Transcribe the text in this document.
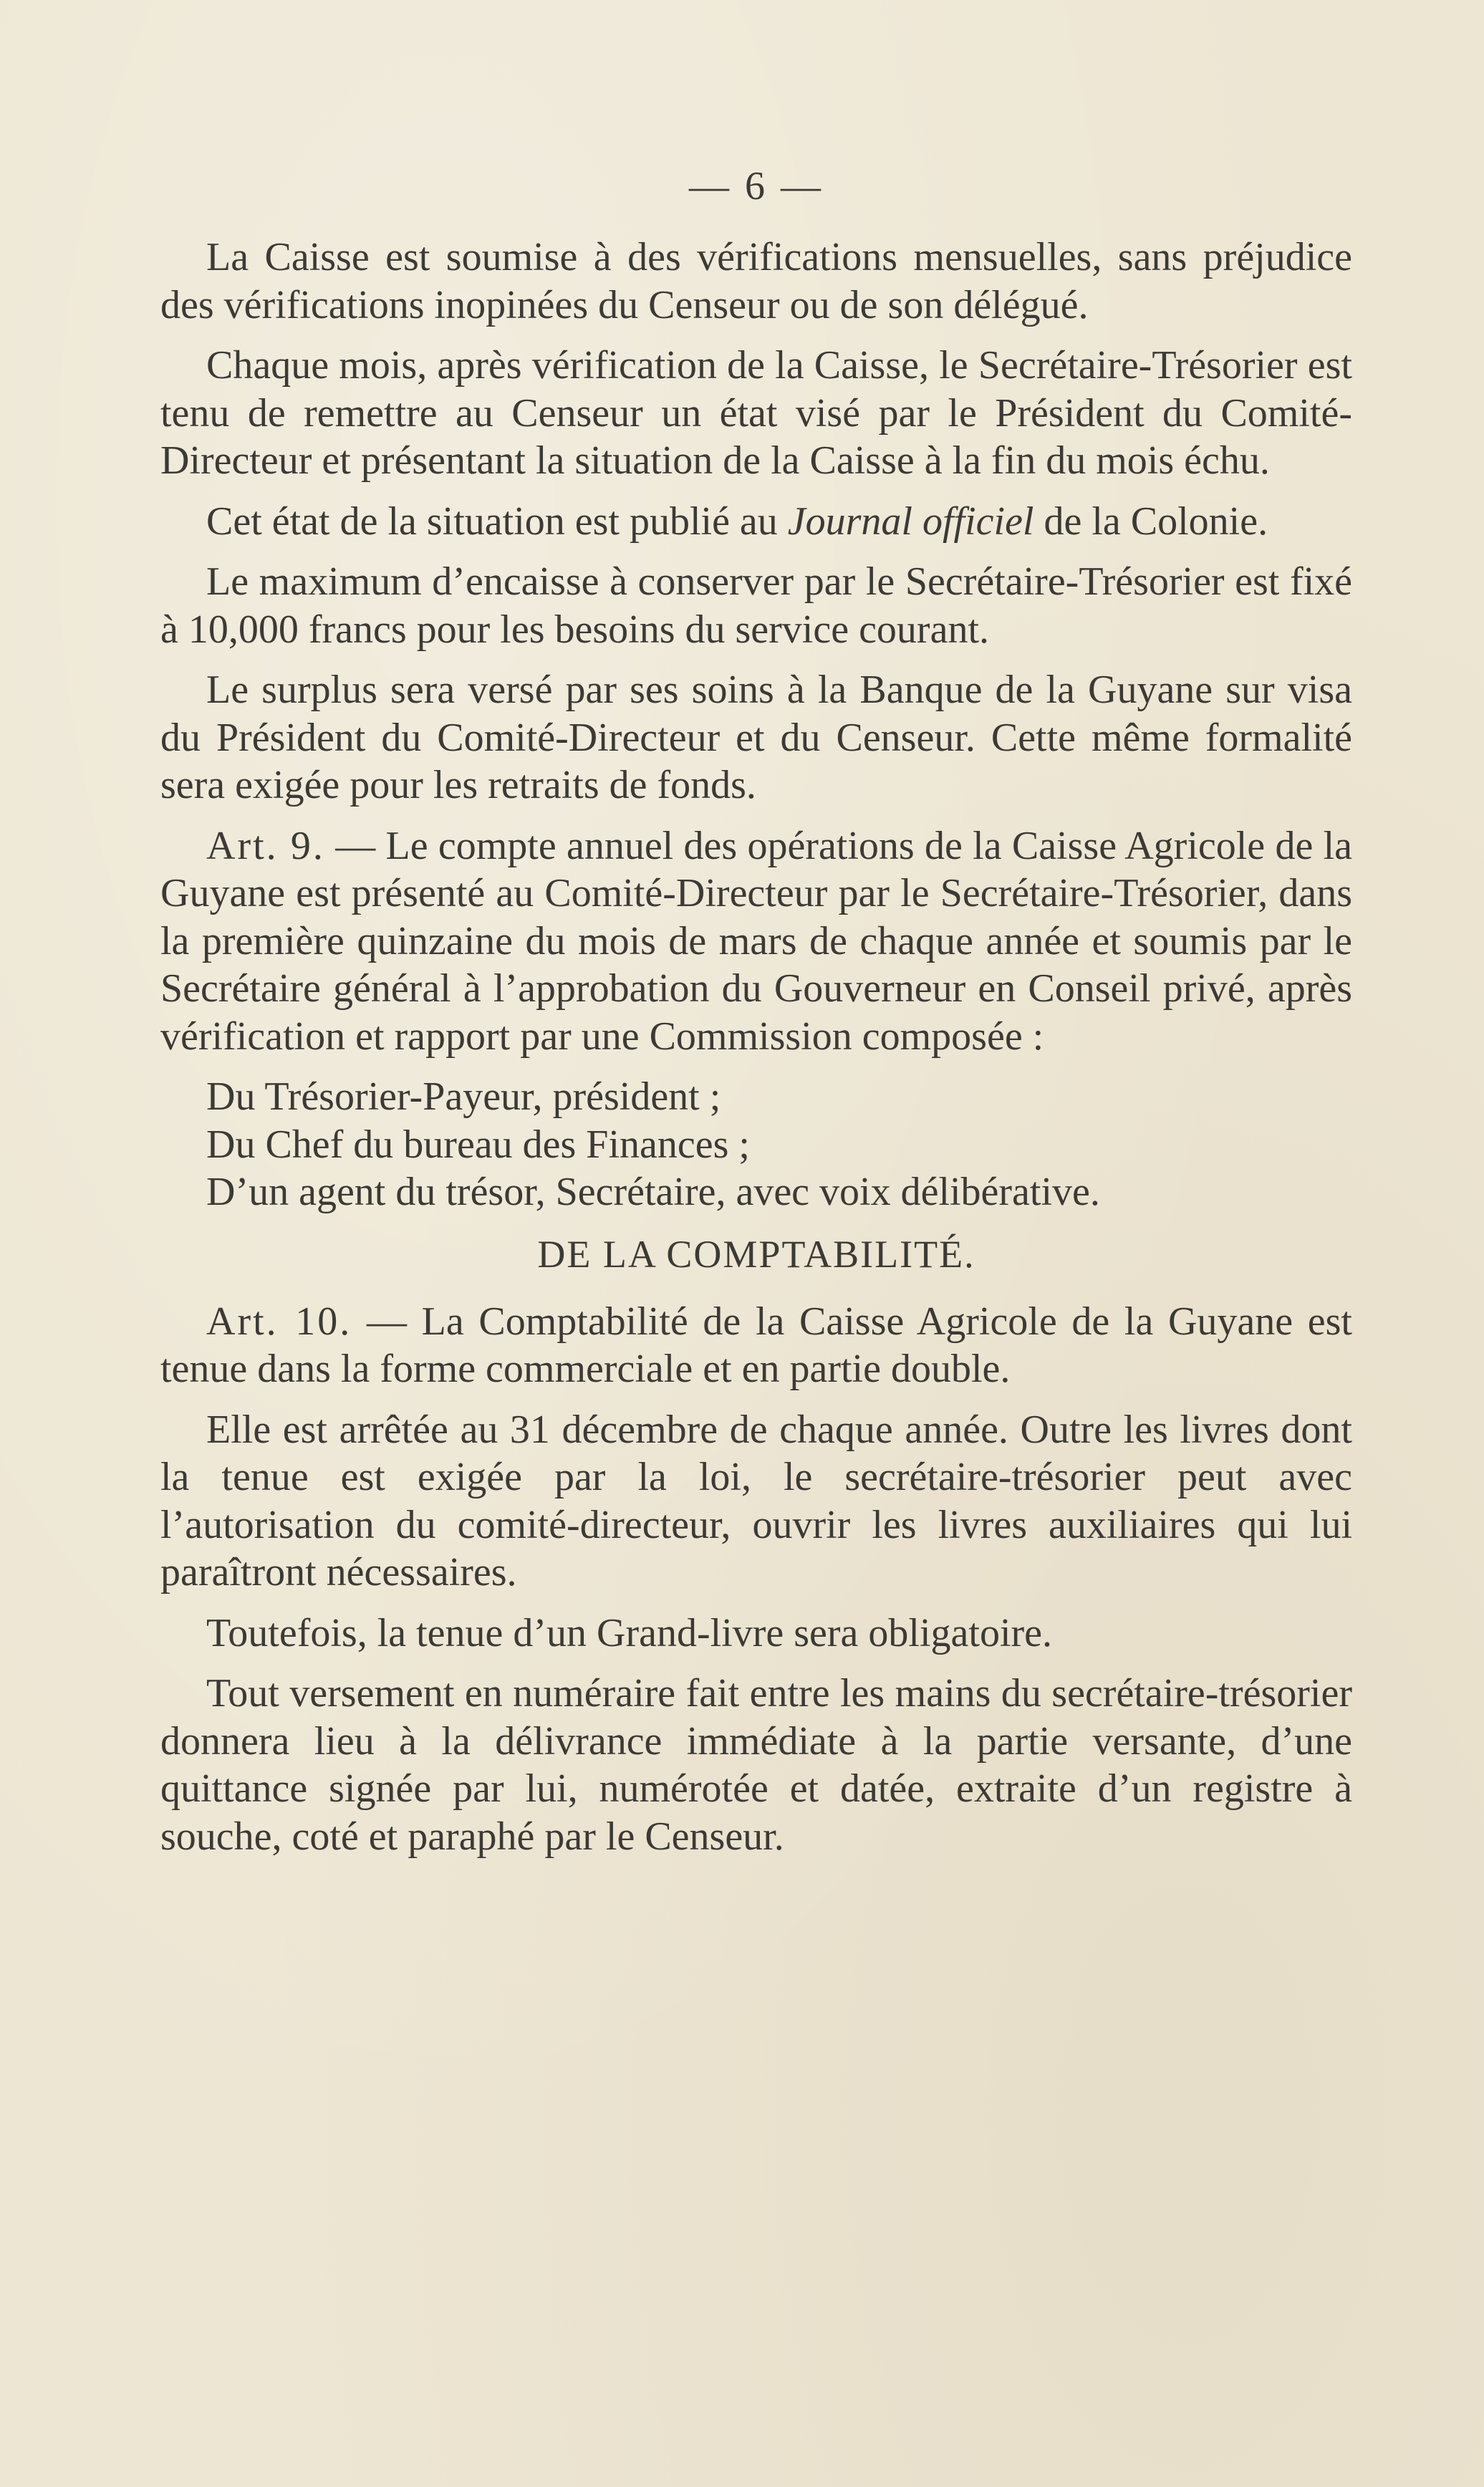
— 6 —

La Caisse est soumise à des vérifications mensuelles, sans préjudice des vérifications inopinées du Censeur ou de son délégué.

Chaque mois, après vérification de la Caisse, le Secrétaire-Trésorier est tenu de remettre au Censeur un état visé par le Président du Comité-Directeur et présentant la situation de la Caisse à la fin du mois échu.

Cet état de la situation est publié au Journal officiel de la Colonie.

Le maximum d’encaisse à conserver par le Secrétaire-Trésorier est fixé à 10,000 francs pour les besoins du service courant.

Le surplus sera versé par ses soins à la Banque de la Guyane sur visa du Président du Comité-Directeur et du Censeur. Cette même formalité sera exigée pour les retraits de fonds.

Art. 9. — Le compte annuel des opérations de la Caisse Agricole de la Guyane est présenté au Comité-Directeur par le Secrétaire-Trésorier, dans la première quinzaine du mois de mars de chaque année et soumis par le Secrétaire général à l’approbation du Gouverneur en Conseil privé, après vérification et rapport par une Commission composée :

Du Trésorier-Payeur, président ;

Du Chef du bureau des Finances ;

D’un agent du trésor, Secrétaire, avec voix délibérative.

DE LA COMPTABILITÉ.

Art. 10. — La Comptabilité de la Caisse Agricole de la Guyane est tenue dans la forme commerciale et en partie double.

Elle est arrêtée au 31 décembre de chaque année. Outre les livres dont la tenue est exigée par la loi, le secrétaire-trésorier peut avec l’autorisation du comité-directeur, ouvrir les livres auxiliaires qui lui paraîtront nécessaires.

Toutefois, la tenue d’un Grand-livre sera obligatoire.

Tout versement en numéraire fait entre les mains du secrétaire-trésorier donnera lieu à la délivrance immédiate à la partie versante, d’une quittance signée par lui, numérotée et datée, extraite d’un registre à souche, coté et paraphé par le Censeur.
